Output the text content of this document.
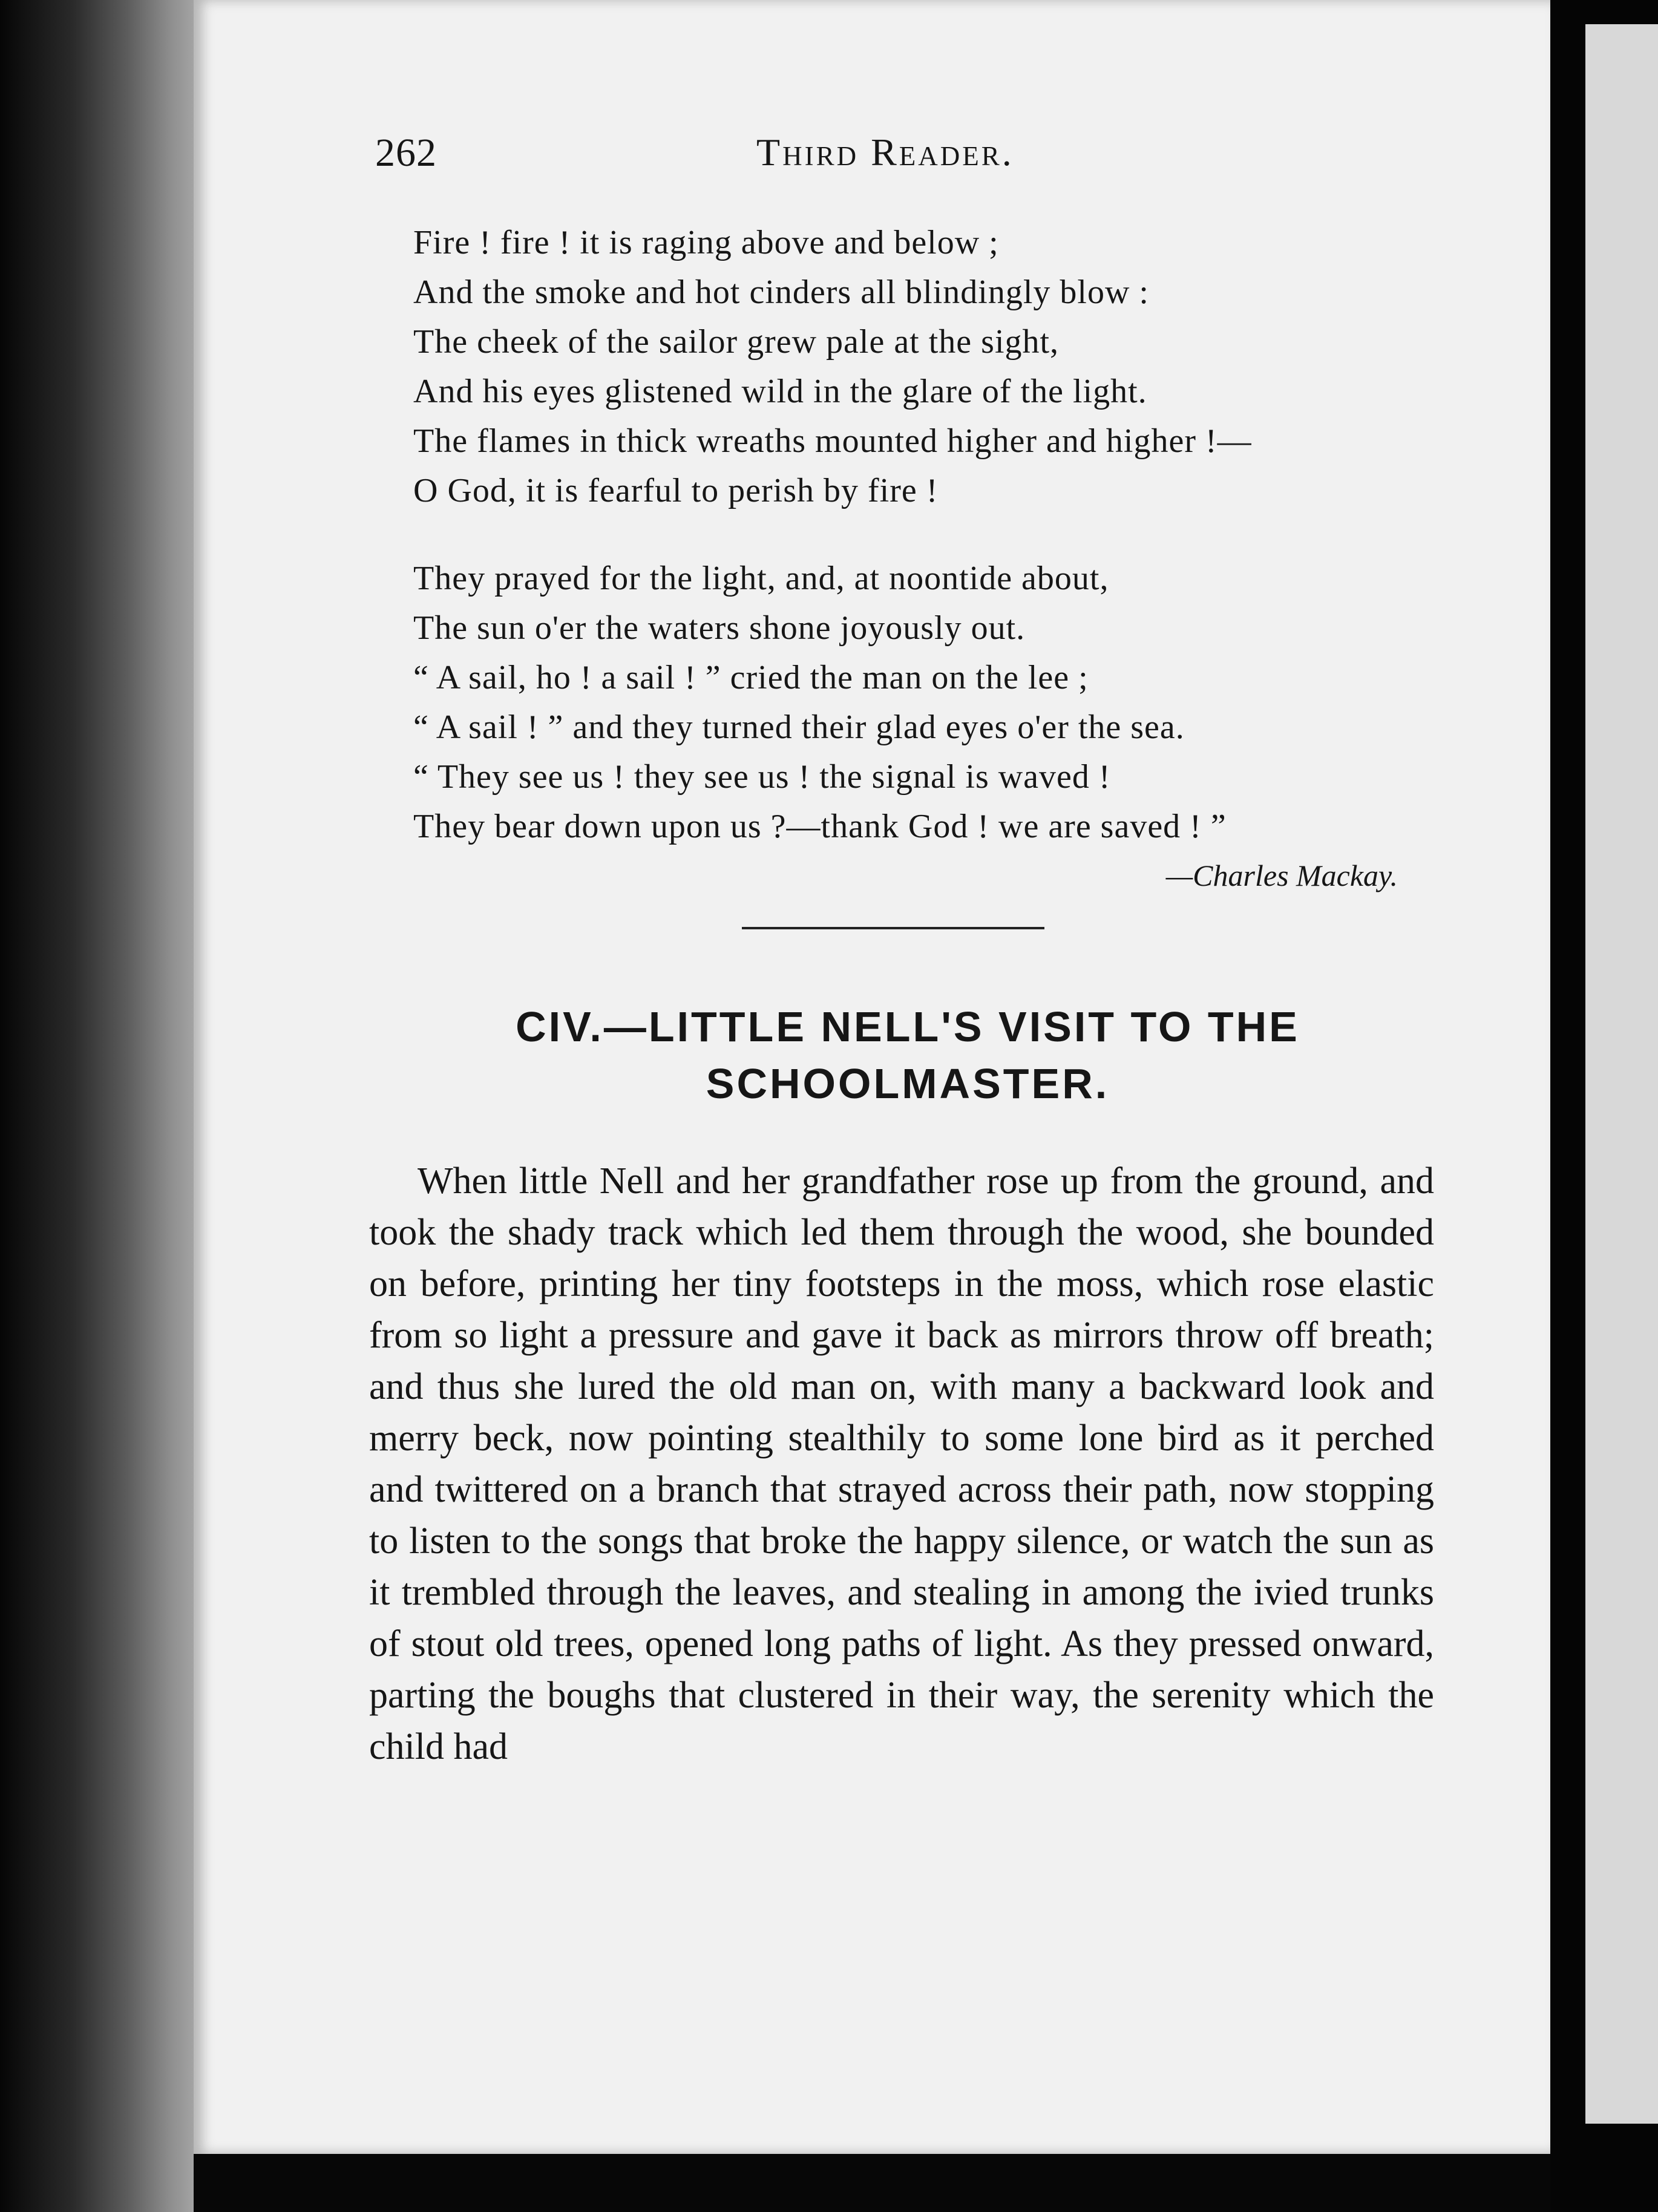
262	Third Reader.
Fire ! fire ! it is raging above and below ;
And the smoke and hot cinders all blindingly blow :
The cheek of the sailor grew pale at the sight,
And his eyes glistened wild in the glare of the light.
The flames in thick wreaths mounted higher and higher !—
O God, it is fearful to perish by fire !
They prayed for the light, and, at noontide about,
The sun o'er the waters shone joyously out.
“ A sail, ho ! a sail ! ” cried the man on the lee ;
“ A sail ! ” and they turned their glad eyes o'er the sea.
“ They see us ! they see us ! the signal is waved !
They bear down upon us ?—thank God ! we are saved ! ”
—Charles Mackay.
CIV.—LITTLE NELL'S VISIT TO THE
SCHOOLMASTER.

When little Nell and her grandfather rose up from the ground, and took the shady track which led them through the wood, she bounded on before, printing her tiny footsteps in the moss, which rose elastic from so light a pressure and gave it back as mirrors throw off breath; and thus she lured the old man on, with many a backward look and merry beck, now pointing stealthily to some lone bird as it perched and twittered on a branch that strayed across their path, now stopping to listen to the songs that broke the happy silence, or watch the sun as it trembled through the leaves, and stealing in among the ivied trunks of stout old trees, opened long paths of light. As they pressed onward, parting the boughs that clustered in their way, the serenity which the child had
